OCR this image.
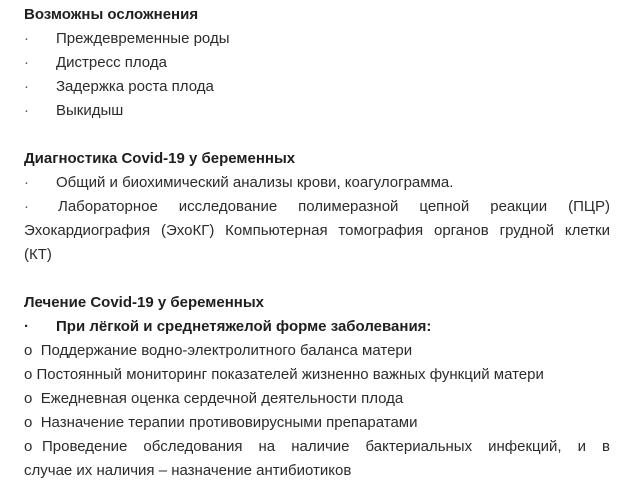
Возможны осложнения
· Преждевременные роды
· Дистресс плода
· Задержка роста плода
· Выкидыш
Диагностика Covid-19 у беременных
· Общий и биохимический анализы крови, коагулограмма.
·	Лабораторное исследование полимеразной цепной реакции (ПЦР)
Эхокардиография (ЭхоКГ) Компьютерная томография органов грудной клетки
(КТ)
Лечение Covid-19 у беременных
· При лёгкой и среднетяжелой форме заболевания:
o Поддержание водно-электролитного баланса матери
o Постоянный мониторинг показателей жизненно важных функций матери
o Ежедневная оценка сердечной деятельности плода
o Назначение терапии противовирусными препаратами
o Проведение обследования на наличие бактериальных инфекций, и в
случае их наличия – назначение антибиотиков
